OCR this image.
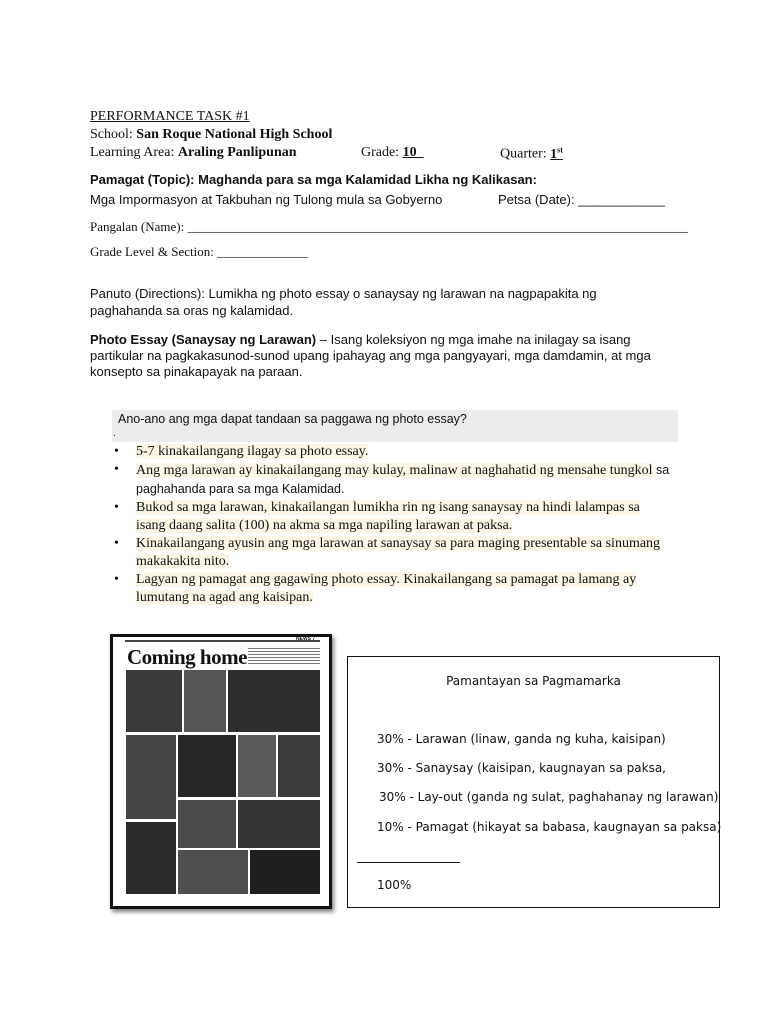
PERFORMANCE TASK #1
School: San Roque National High School
Learning Area: Araling Panlipunan	Grade: 10	Quarter: 1st
Pamagat (Topic): Maghanda para sa mga Kalamidad Likha ng Kalikasan:
Mga Impormasyon at Takbuhan ng Tulong mula sa Gobyerno	Petsa (Date): ____________
Pangalan (Name): _____________________________________________________________________________
Grade Level & Section: ______________
Panuto (Directions): Lumikha ng photo essay o sanaysay ng larawan na nagpapakita ng paghahanda sa oras ng kalamidad.
Photo Essay (Sanaysay ng Larawan) – Isang koleksiyon ng mga imahe na inilagay sa isang partikular na pagkakasunod-sunod upang ipahayag ang mga pangyayari, mga damdamin, at mga konsepto sa pinakapayak na paraan.
Ano-ano ang mga dapat tandaan sa paggawa ng photo essay?
.
• 5-7 kinakailangang ilagay sa photo essay.
• Ang mga larawan ay kinakailangang may kulay, malinaw at naghahatid ng mensahe tungkol sa paghahanda para sa mga Kalamidad.
• Bukod sa mga larawan, kinakailangan lumikha rin ng isang sanaysay na hindi lalampas sa isang daang salita (100) na akma sa mga napiling larawan at paksa.
• Kinakailangang ayusin ang mga larawan at sanaysay sa para maging presentable sa sinumang makakakita nito.
• Lagyan ng pamagat ang gagawing photo essay. Kinakailangang sa pamagat pa lamang ay lumutang na agad ang kaisipan.
NEWS 7
Coming home
Pamantayan sa Pagmamarka
30% - Larawan (linaw, ganda ng kuha, kaisipan)
30% - Sanaysay (kaisipan, kaugnayan sa paksa,
30% - Lay-out (ganda ng sulat, paghahanay ng larawan)
10% - Pamagat (hikayat sa babasa, kaugnayan sa paksa)
100%
